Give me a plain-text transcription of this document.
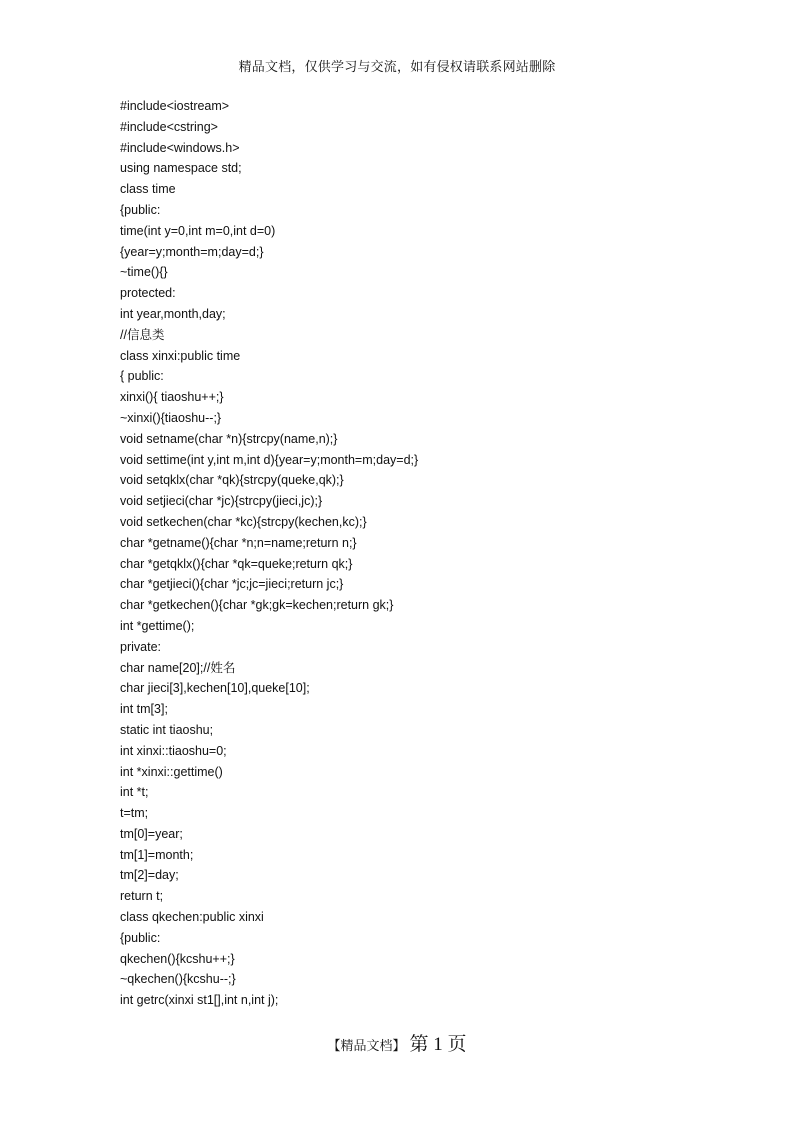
精品文档，仅供学习与交流，如有侵权请联系网站删除
#include<iostream>
#include<cstring>
#include<windows.h>
using namespace std;
class time
{public:
time(int y=0,int m=0,int d=0)
{year=y;month=m;day=d;}
~time(){}
protected:
int year,month,day;
//信息类
class xinxi:public time
{ public:
xinxi(){ tiaoshu++;}
~xinxi(){tiaoshu--;}
void setname(char *n){strcpy(name,n);}
void settime(int y,int m,int d){year=y;month=m;day=d;}
void setqklx(char *qk){strcpy(queke,qk);}
void setjieci(char *jc){strcpy(jieci,jc);}
void setkechen(char *kc){strcpy(kechen,kc);}
char *getname(){char *n;n=name;return n;}
char *getqklx(){char *qk=queke;return qk;}
char *getjieci(){char *jc;jc=jieci;return jc;}
char *getkechen(){char *gk;gk=kechen;return gk;}
int *gettime();
private:
char name[20];//姓名
char jieci[3],kechen[10],queke[10];
int tm[3];
static int tiaoshu;
int xinxi::tiaoshu=0;
int *xinxi::gettime()
int *t;
t=tm;
tm[0]=year;
tm[1]=month;
tm[2]=day;
return t;
class qkechen:public xinxi
{public:
qkechen(){kcshu++;}
~qkechen(){kcshu--;}
int getrc(xinxi st1[],int n,int j);
【精品文档】 第 1 页
